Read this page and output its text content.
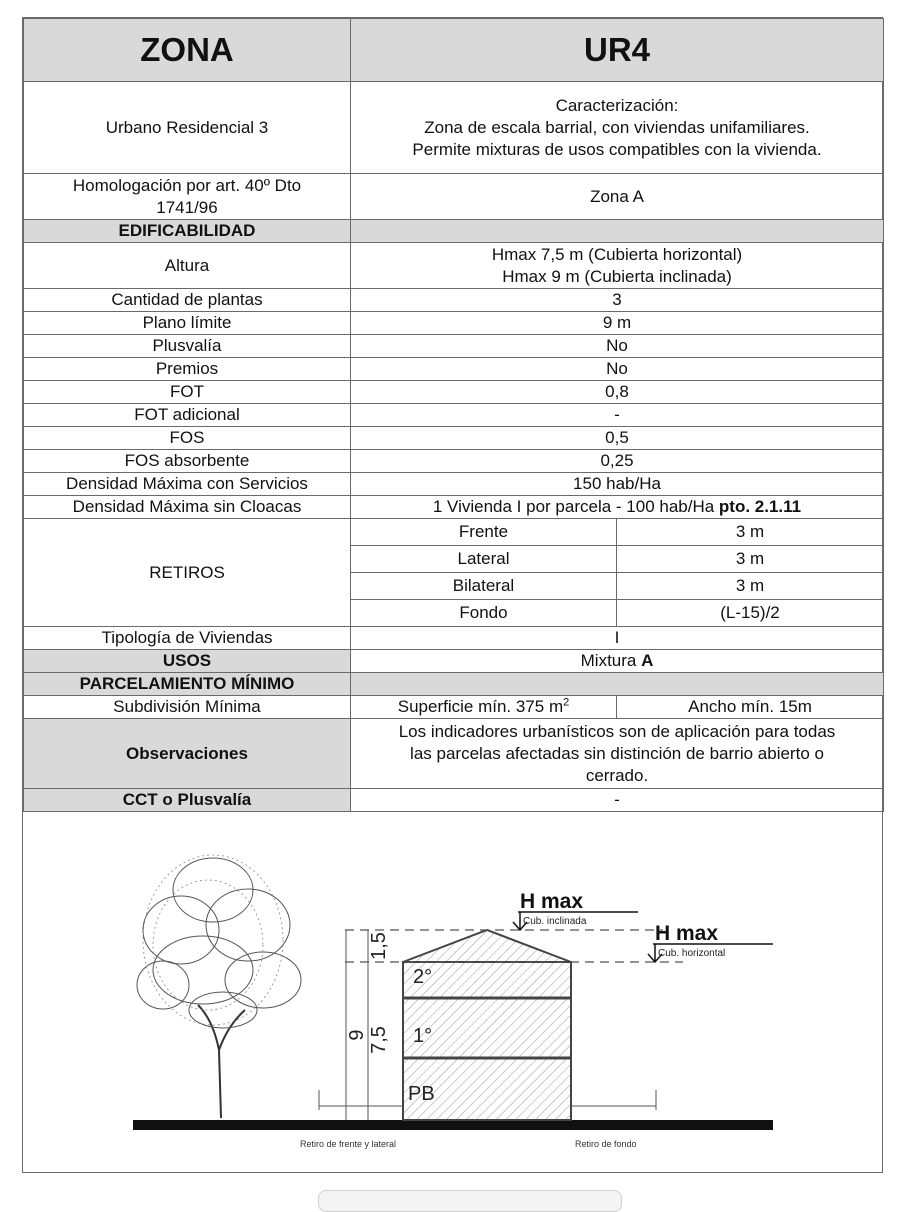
ZONA	UR4	
Urbano Residencial 3	Caracterización:
Zona de escala barrial, con viviendas unifamiliares.
Permite mixturas de usos compatibles con la vivienda.	

Homologación por art. 40º Dto
1741/96	Zona A	
EDIFICABILIDAD		
Altura	Hmax 7,5 m (Cubierta horizontal)
Hmax 9 m (Cubierta inclinada)	

Cantidad de plantas	3	
Plano límite	9 m	
Plusvalía	No	
Premios	No	
FOT	0,8	
FOT adicional	-	
FOS	0,5	
FOS absorbente	0,25	
Densidad Máxima con Servicios	150 hab/Ha	
Densidad Máxima sin Cloacas	1 Vivienda I por parcela - 100 hab/Ha pto. 2.1.11	
RETIROS	Frente	3 m
	Lateral	3 m
	Bilateral	3 m
	Fondo	(L-15)/2
Tipología de Viviendas	I	
USOS	Mixtura A	
PARCELAMIENTO MÍNIMO		
Subdivisión Mínima	Superficie mín. 375 $m^2$	Ancho mín. 15m
Observaciones	Los indicadores urbanísticos son de aplicación para todas
las parcelas afectadas sin distinción de barrio abierto o
cerrado.	

CCT o Plusvalía	-	
2°
1°
PB
1,5
9 7,5
H max
Cub. inclinada
H max
Cub. horizontal
Retiro de frente y lateral	Retiro de fondo
